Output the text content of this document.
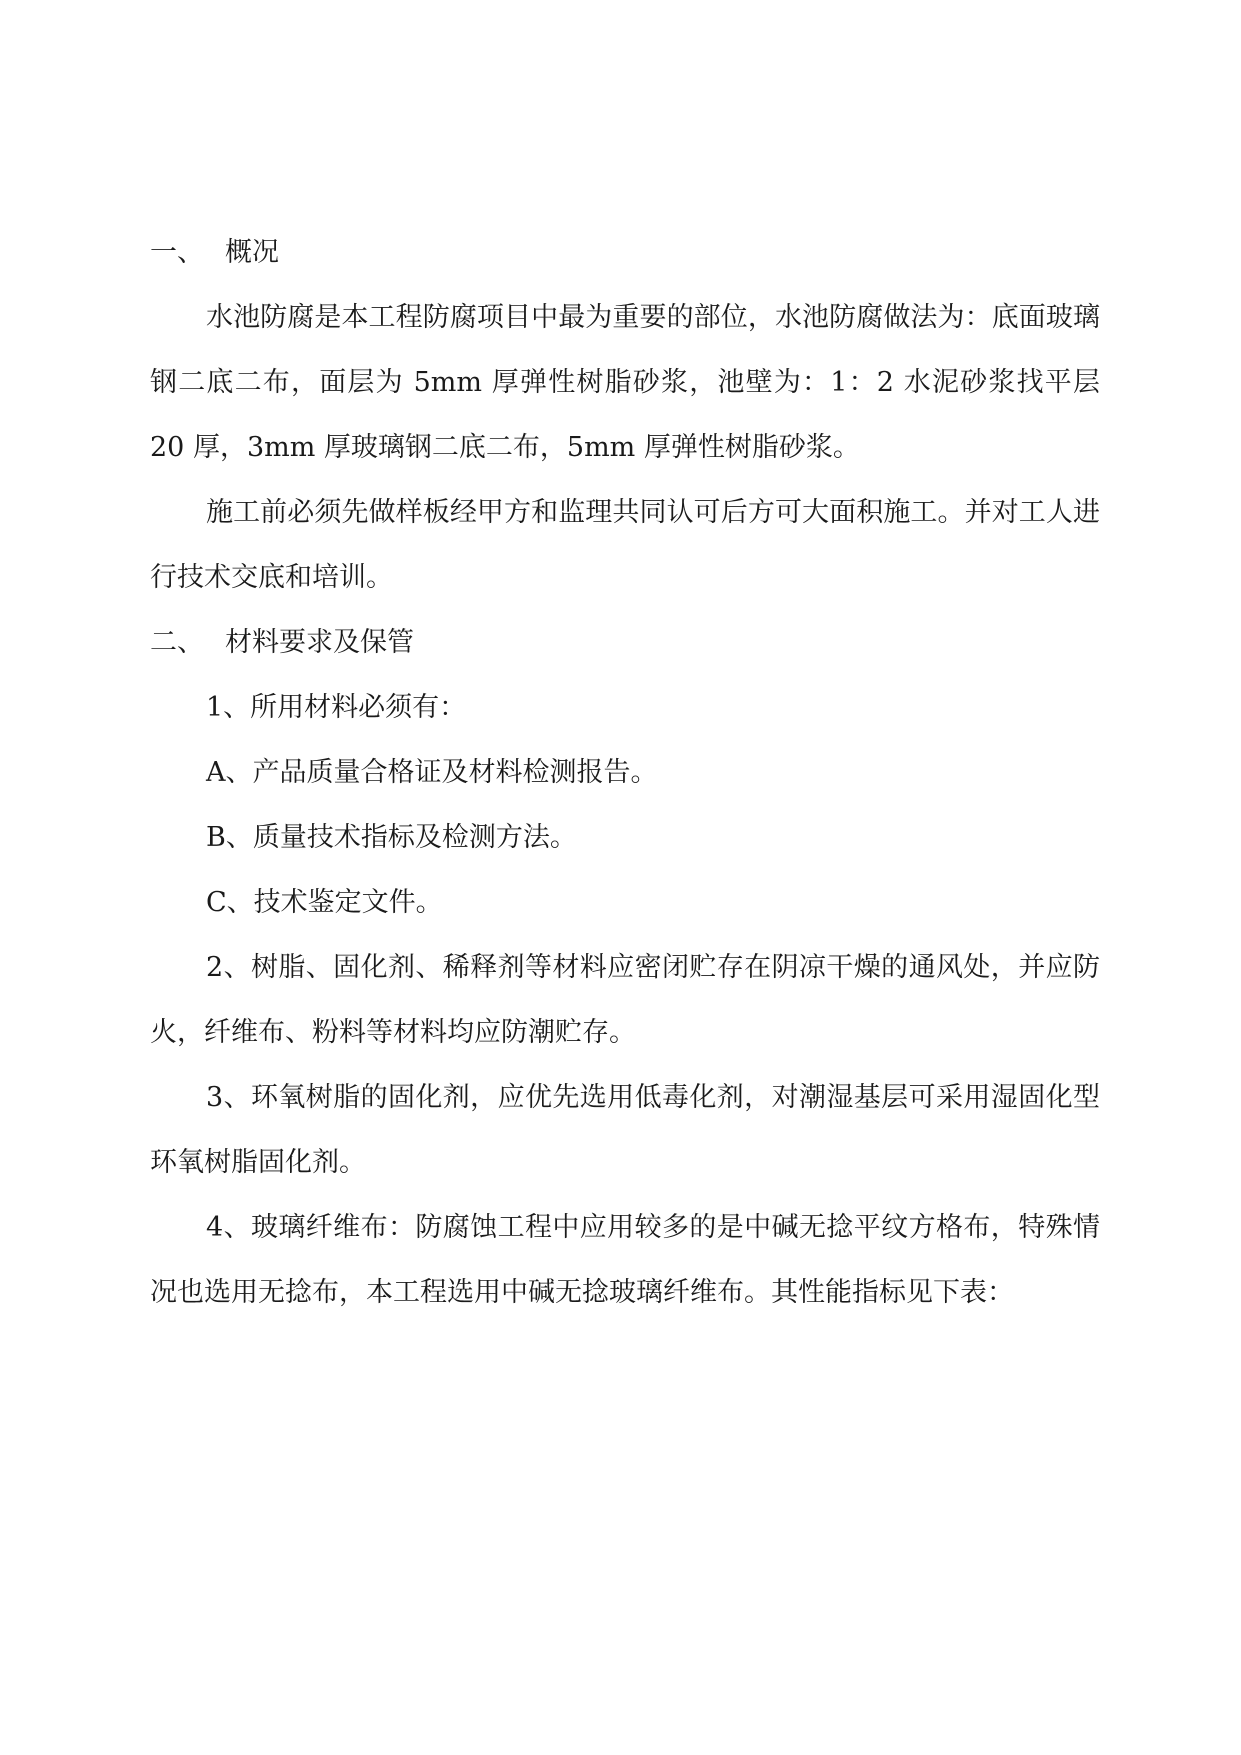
一、 概况

水池防腐是本工程防腐项目中最为重要的部位，水池防腐做法为：底面玻璃钢二底二布，面层为 5mm 厚弹性树脂砂浆，池壁为：1：2 水泥砂浆找平层 20 厚，3mm 厚玻璃钢二底二布，5mm 厚弹性树脂砂浆。

施工前必须先做样板经甲方和监理共同认可后方可大面积施工。并对工人进行技术交底和培训。

二、 材料要求及保管

1、所用材料必须有：

A、产品质量合格证及材料检测报告。

B、质量技术指标及检测方法。

C、技术鉴定文件。

2、树脂、固化剂、稀释剂等材料应密闭贮存在阴凉干燥的通风处，并应防火，纤维布、粉料等材料均应防潮贮存。

3、环氧树脂的固化剂，应优先选用低毒化剂，对潮湿基层可采用湿固化型环氧树脂固化剂。

4、玻璃纤维布：防腐蚀工程中应用较多的是中碱无捻平纹方格布，特殊情况也选用无捻布，本工程选用中碱无捻玻璃纤维布。其性能指标见下表：
